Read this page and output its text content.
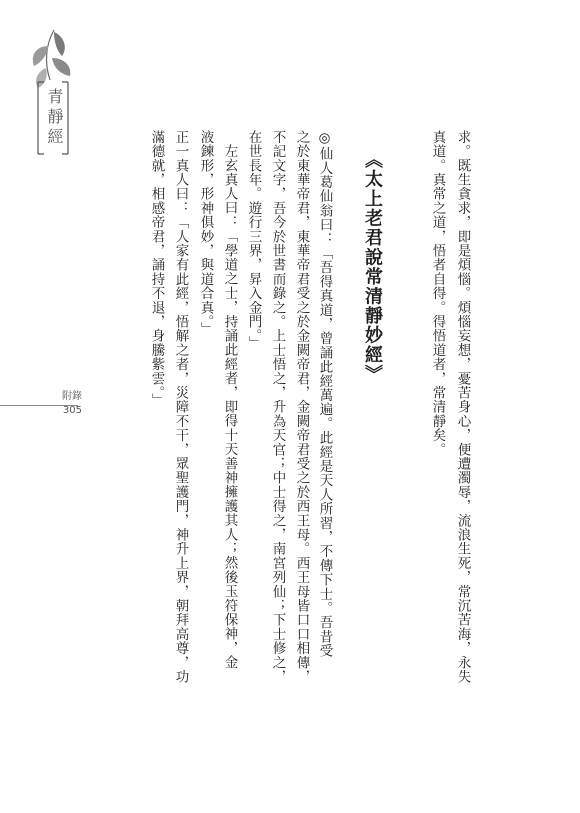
青靜經
附錄
305	求。既生貪求，即是煩惱。煩惱妄想，憂苦身心，便遭濁辱，流浪生死，常沉苦海，永失
真道。真常之道，悟者自得。得悟道者，常清靜矣。
《太上老君說常清靜妙經》
◎仙人葛仙翁曰：「吾得真道，曾誦此經萬遍。此經是天人所習，不傳下士。吾昔受
之於東華帝君，東華帝君受之於金闕帝君，金闕帝君受之於西王母。西王母皆口口相傳，
不記文字，吾今於世書而錄之。上士悟之，升為天官；中士得之，南宮列仙；下士修之，
在世長年。遊行三界，昇入金門。」
左玄真人曰：「學道之士，持誦此經者，即得十天善神擁護其人；然後玉符保神，金
液鍊形，形神俱妙，與道合真。」
正一真人曰：「人家有此經，悟解之者，災障不干，眾聖護門，神升上界，朝拜高尊，功
滿德就，相感帝君，誦持不退，身騰紫雲。」
